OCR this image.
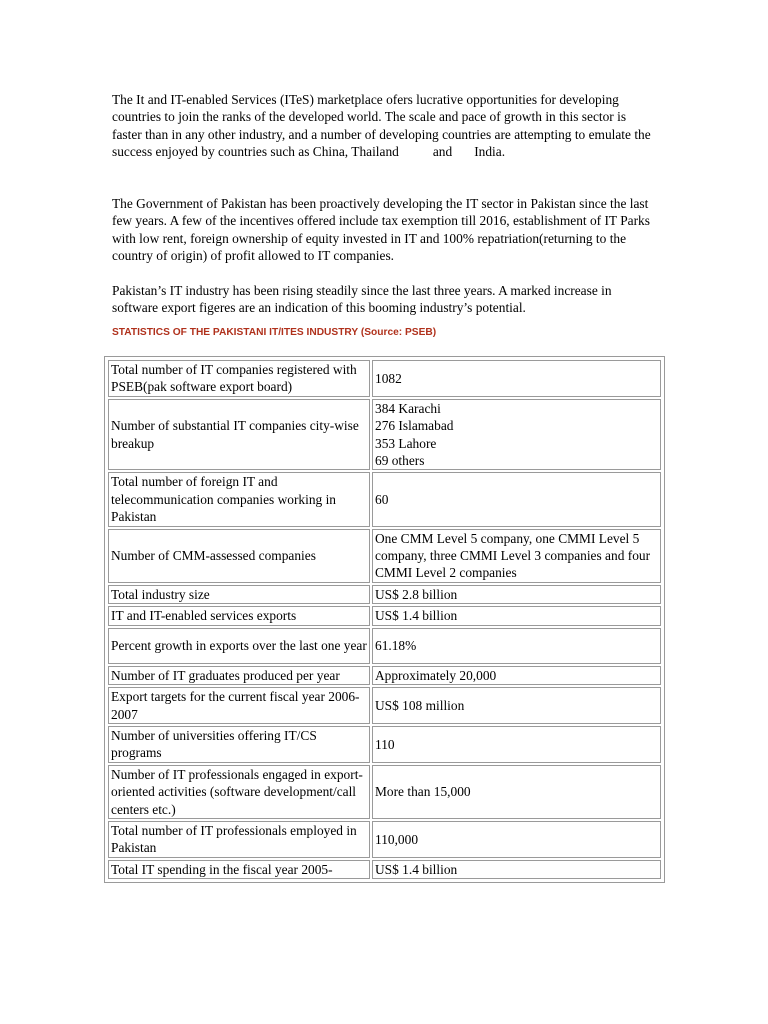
The It and IT-enabled Services (ITeS) marketplace ofers lucrative opportunities for developing countries to join the ranks of the developed world. The scale and pace of growth in this sector is faster than in any other industry, and a number of developing countries are attempting to emulate the success enjoyed by countries such as China, Thailand	and India.

The Government of Pakistan has been proactively developing the IT sector in Pakistan since the last few years. A few of the incentives offered include tax exemption till 2016, establishment of IT Parks with low rent, foreign ownership of equity invested in IT and 100% repatriation(returning to the country of origin) of profit allowed to IT companies.

Pakistan’s IT industry has been rising steadily since the last three years. A marked increase in software export figeres are an indication of this booming industry’s potential.

STATISTICS OF THE PAKISTANI IT/ITES INDUSTRY (Source: PSEB)

Total number of IT companies registered with PSEB(pak software export board)	1082
Number of substantial IT companies city-wise breakup	384 Karachi
276 Islamabad
353 Lahore
69 others

Total number of foreign IT and telecommunication companies working in Pakistan	60
Number of CMM-assessed companies	One CMM Level 5 company, one CMMI Level 5 company, three CMMI Level 3 companies and four CMMI Level 2 companies
Total industry size	US$ 2.8 billion
IT and IT-enabled services exports	US$ 1.4 billion
Percent growth in exports over the last one year	61.18%
Number of IT graduates produced per year	Approximately 20,000
Export targets for the current fiscal year 2006-2007	US$ 108 million
Number of universities offering IT/CS programs	110
Number of IT professionals engaged in export-oriented activities (software development/call centers etc.)	More than 15,000
Total number of IT professionals employed in Pakistan	110,000
Total IT spending in the fiscal year 2005-	US$ 1.4 billion
